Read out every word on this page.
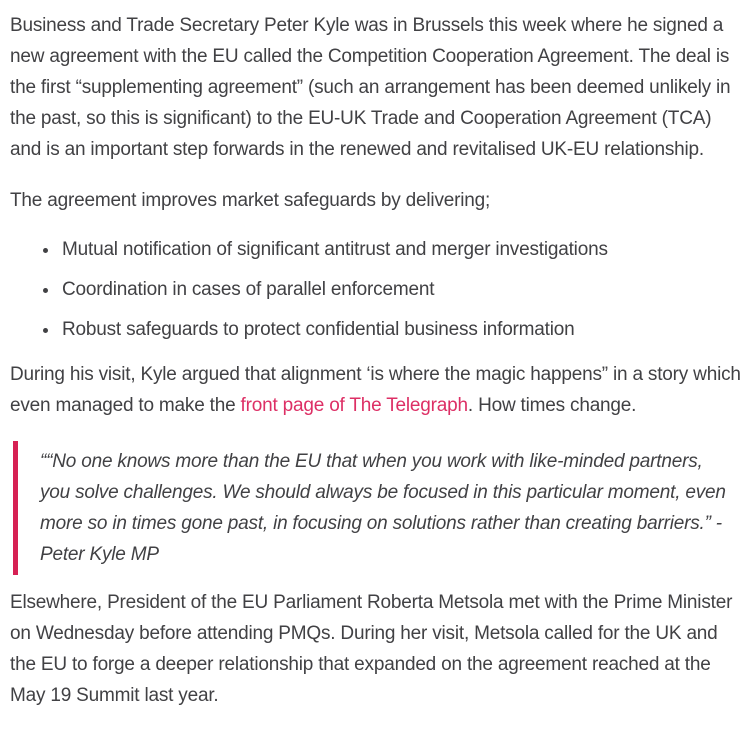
Business and Trade Secretary Peter Kyle was in Brussels this week where he signed a new agreement with the EU called the Competition Cooperation Agreement. The deal is the first “supplementing agreement” (such an arrangement has been deemed unlikely in the past, so this is significant) to the EU-UK Trade and Cooperation Agreement (TCA) and is an important step forwards in the renewed and revitalised UK-EU relationship.

The agreement improves market safeguards by delivering;

• Mutual notification of significant antitrust and merger investigations
• Coordination in cases of parallel enforcement
• Robust safeguards to protect confidential business information

During his visit, Kyle argued that alignment ‘is where the magic happens” in a story which even managed to make the front page of The Telegraph. How times change.

““No one knows more than the EU that when you work with like-minded partners, you solve challenges. We should always be focused in this particular moment, even more so in times gone past, in focusing on solutions rather than creating barriers.” - Peter Kyle MP

Elsewhere, President of the EU Parliament Roberta Metsola met with the Prime Minister on Wednesday before attending PMQs. During her visit, Metsola called for the UK and the EU to forge a deeper relationship that expanded on the agreement reached at the May 19 Summit last year.
